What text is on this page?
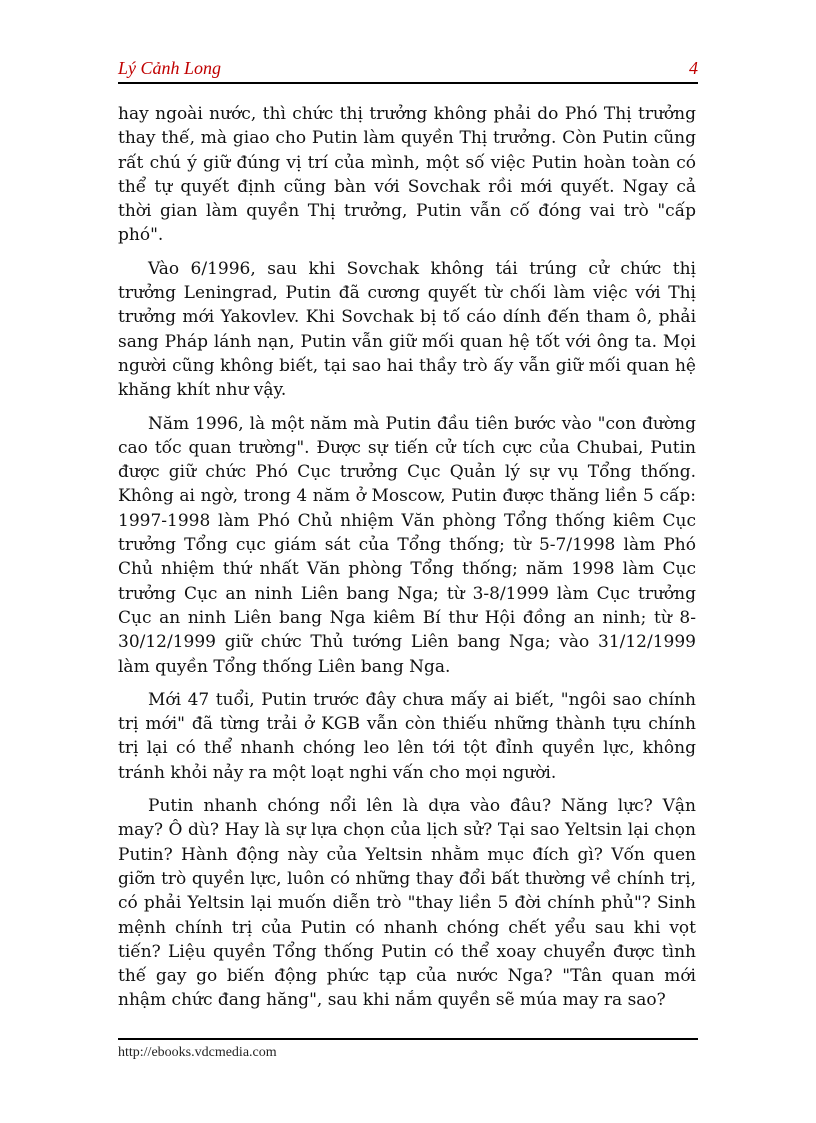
Lý Cảnh Long	4

hay ngoài nước, thì chức thị trưởng không phải do Phó Thị trưởng thay thế, mà giao cho Putin làm quyền Thị trưởng. Còn Putin cũng rất chú ý giữ đúng vị trí của mình, một số việc Putin hoàn toàn có thể tự quyết định cũng bàn với Sovchak rồi mới quyết. Ngay cả thời gian làm quyền Thị trưởng, Putin vẫn cố đóng vai trò "cấp phó".

Vào 6/1996, sau khi Sovchak không tái trúng cử chức thị trưởng Leningrad, Putin đã cương quyết từ chối làm việc với Thị trưởng mới Yakovlev. Khi Sovchak bị tố cáo dính đến tham ô, phải sang Pháp lánh nạn, Putin vẫn giữ mối quan hệ tốt với ông ta. Mọi người cũng không biết, tại sao hai thầy trò ấy vẫn giữ mối quan hệ khăng khít như vậy.

Năm 1996, là một năm mà Putin đầu tiên bước vào "con đường cao tốc quan trường". Được sự tiến cử tích cực của Chubai, Putin được giữ chức Phó Cục trưởng Cục Quản lý sự vụ Tổng thống. Không ai ngờ, trong 4 năm ở Moscow, Putin được thăng liền 5 cấp: 1997-1998 làm Phó Chủ nhiệm Văn phòng Tổng thống kiêm Cục trưởng Tổng cục giám sát của Tổng thống; từ 5-7/1998 làm Phó Chủ nhiệm thứ nhất Văn phòng Tổng thống; năm 1998 làm Cục trưởng Cục an ninh Liên bang Nga; từ 3-8/1999 làm Cục trưởng Cục an ninh Liên bang Nga kiêm Bí thư Hội đồng an ninh; từ 8-30/12/1999 giữ chức Thủ tướng Liên bang Nga; vào 31/12/1999 làm quyền Tổng thống Liên bang Nga.

Mới 47 tuổi, Putin trước đây chưa mấy ai biết, "ngôi sao chính trị mới" đã từng trải ở KGB vẫn còn thiếu những thành tựu chính trị lại có thể nhanh chóng leo lên tới tột đỉnh quyền lực, không tránh khỏi nảy ra một loạt nghi vấn cho mọi người.

Putin nhanh chóng nổi lên là dựa vào đâu? Năng lực? Vận may? Ô dù? Hay là sự lựa chọn của lịch sử? Tại sao Yeltsin lại chọn Putin? Hành động này của Yeltsin nhằm mục đích gì? Vốn quen giỡn trò quyền lực, luôn có những thay đổi bất thường về chính trị, có phải Yeltsin lại muốn diễn trò "thay liền 5 đời chính phủ"? Sinh mệnh chính trị của Putin có nhanh chóng chết yểu sau khi vọt tiến? Liệu quyền Tổng thống Putin có thể xoay chuyển được tình thế gay go biến động phức tạp của nước Nga? "Tân quan mới nhậm chức đang hăng", sau khi nắm quyền sẽ múa may ra sao?

http://ebooks.vdcmedia.com
